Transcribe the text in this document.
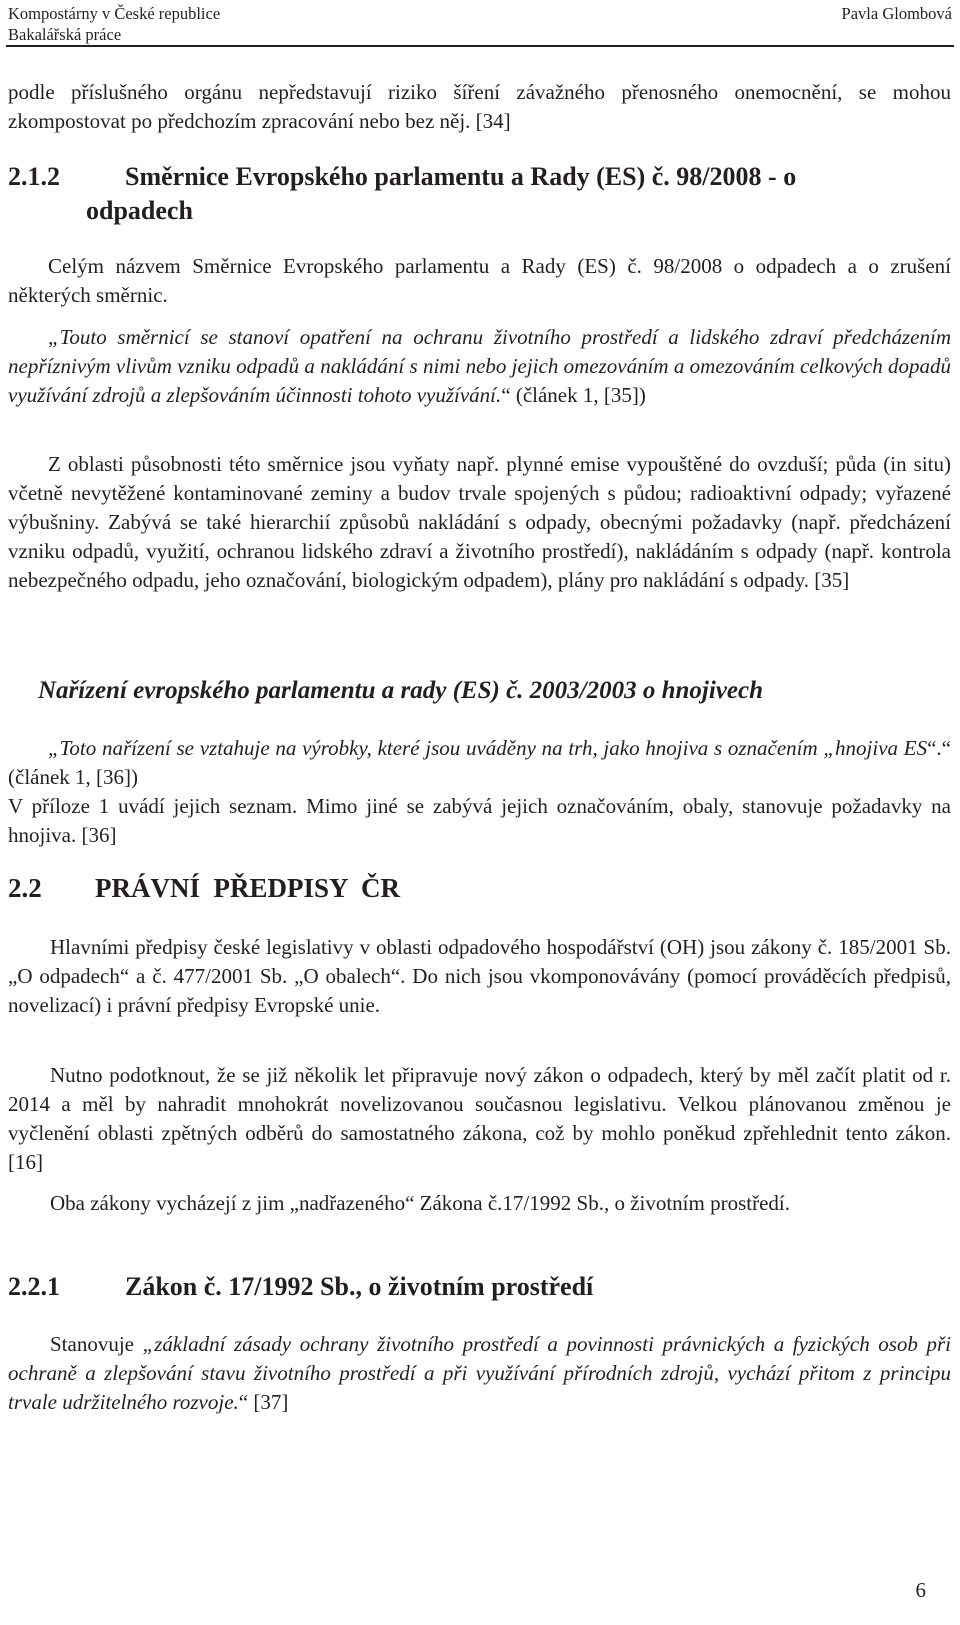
Kompostárny v České republice
Bakalářská práce
Pavla Glombová

podle příslušného orgánu nepředstavují riziko šíření závažného přenosného onemocnění, se mohou zkompostovat po předchozím zpracování nebo bez něj. [34]

2.1.2	Směrnice Evropského parlamentu a Rady (ES) č. 98/2008 - o
odpadech

Celým názvem Směrnice Evropského parlamentu a Rady (ES) č. 98/2008 o odpadech a o zrušení některých směrnic.

„Touto směrnicí se stanoví opatření na ochranu životního prostředí a lidského zdraví předcházením nepříznivým vlivům vzniku odpadů a nakládání s nimi nebo jejich omezováním a omezováním celkových dopadů využívání zdrojů a zlepšováním účinnosti tohoto využívání.“ (článek 1, [35])

Z oblasti působnosti této směrnice jsou vyňaty např. plynné emise vypouštěné do ovzduší; půda (in situ) včetně nevytěžené kontaminované zeminy a budov trvale spojených s půdou; radioaktivní odpady; vyřazené výbušniny. Zabývá se také hierarchií způsobů nakládání s odpady, obecnými požadavky (např. předcházení vzniku odpadů, využití, ochranou lidského zdraví a životního prostředí), nakládáním s odpady (např. kontrola nebezpečného odpadu, jeho označování, biologickým odpadem), plány pro nakládání s odpady. [35]

Nařízení evropského parlamentu a rady (ES) č. 2003/2003 o hnojivech

„Toto nařízení se vztahuje na výrobky, které jsou uváděny na trh, jako hnojiva s označením „hnojiva ES“.“ (článek 1, [36])

V příloze 1 uvádí jejich seznam. Mimo jiné se zabývá jejich označováním, obaly, stanovuje požadavky na hnojiva. [36]

2.2 PRÁVNÍ  PŘEDPISY  ČR

Hlavními předpisy české legislativy v oblasti odpadového hospodářství (OH) jsou zákony č. 185/2001 Sb. „O odpadech“ a č. 477/2001 Sb. „O obalech“. Do nich jsou vkomponovávány (pomocí prováděcích předpisů, novelizací) i právní předpisy Evropské unie.

Nutno podotknout, že se již několik let připravuje nový zákon o odpadech, který by měl začít platit od r. 2014 a měl by nahradit mnohokrát novelizovanou současnou legislativu. Velkou plánovanou změnou je vyčlenění oblasti zpětných odběrů do samostatného zákona, což by mohlo poněkud zpřehlednit tento zákon. [16]

Oba zákony vycházejí z jim „nadřazeného“ Zákona č.17/1992 Sb., o životním prostředí.

2.2.1	Zákon č. 17/1992 Sb., o životním prostředí

Stanovuje „základní zásady ochrany životního prostředí a povinnosti právnických a fyzických osob při ochraně a zlepšování stavu životního prostředí a při využívání přírodních zdrojů, vychází přitom z principu trvale udržitelného rozvoje.“ [37]

6
